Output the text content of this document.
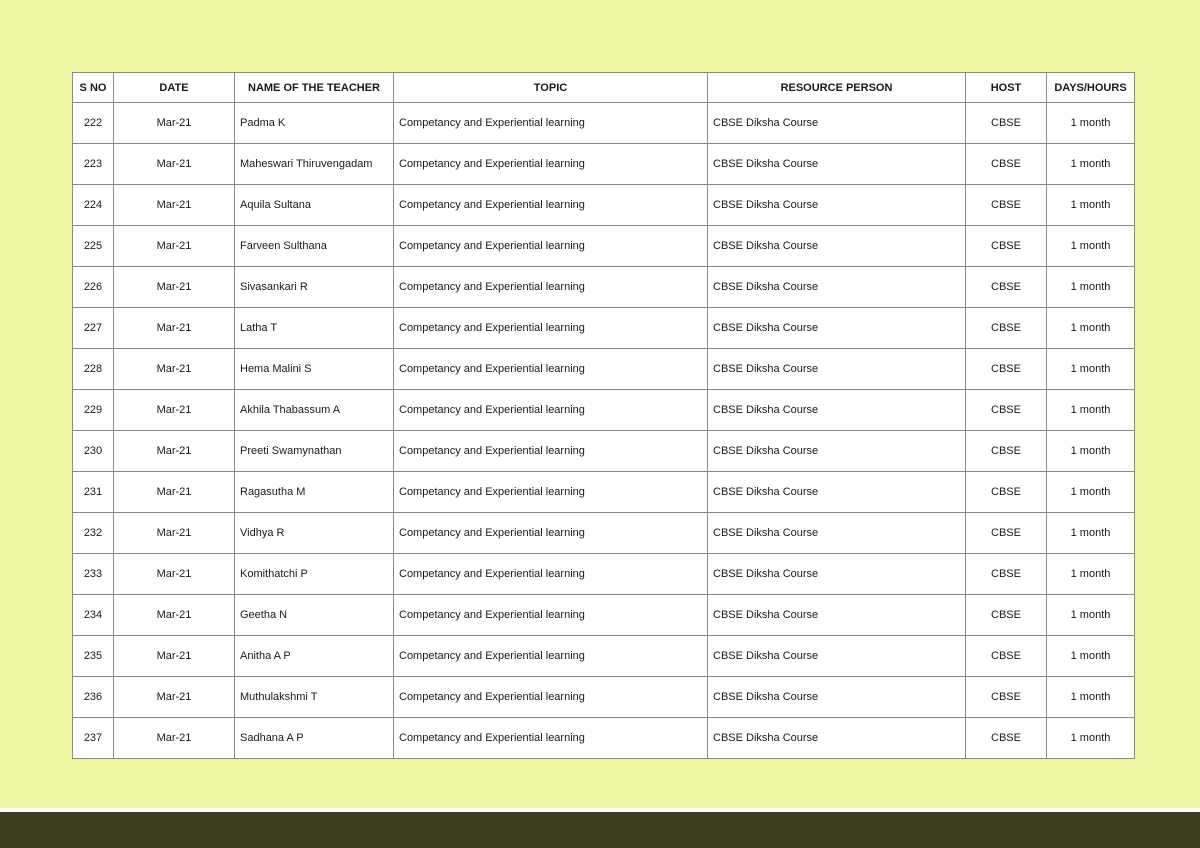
S NO	DATE	NAME OF THE TEACHER	TOPIC	RESOURCE PERSON	HOST	DAYS/HOURS
222	Mar-21	Padma K	Competancy and Experiential learning	CBSE Diksha Course	CBSE	1 month
223	Mar-21	Maheswari Thiruvengadam	Competancy and Experiential learning	CBSE Diksha Course	CBSE	1 month
224	Mar-21	Aquila Sultana	Competancy and Experiential learning	CBSE Diksha Course	CBSE	1 month
225	Mar-21	Farveen Sulthana	Competancy and Experiential learning	CBSE Diksha Course	CBSE	1 month
226	Mar-21	Sivasankari R	Competancy and Experiential learning	CBSE Diksha Course	CBSE	1 month
227	Mar-21	Latha T	Competancy and Experiential learning	CBSE Diksha Course	CBSE	1 month
228	Mar-21	Hema Malini S	Competancy and Experiential learning	CBSE Diksha Course	CBSE	1 month
229	Mar-21	Akhila Thabassum A	Competancy and Experiential learning	CBSE Diksha Course	CBSE	1 month
230	Mar-21	Preeti Swamynathan	Competancy and Experiential learning	CBSE Diksha Course	CBSE	1 month
231	Mar-21	Ragasutha M	Competancy and Experiential learning	CBSE Diksha Course	CBSE	1 month
232	Mar-21	Vidhya R	Competancy and Experiential learning	CBSE Diksha Course	CBSE	1 month
233	Mar-21	Komithatchi P	Competancy and Experiential learning	CBSE Diksha Course	CBSE	1 month
234	Mar-21	Geetha N	Competancy and Experiential learning	CBSE Diksha Course	CBSE	1 month
235	Mar-21	Anitha A P	Competancy and Experiential learning	CBSE Diksha Course	CBSE	1 month
236	Mar-21	Muthulakshmi T	Competancy and Experiential learning	CBSE Diksha Course	CBSE	1 month
237	Mar-21	Sadhana A P	Competancy and Experiential learning	CBSE Diksha Course	CBSE	1 month
